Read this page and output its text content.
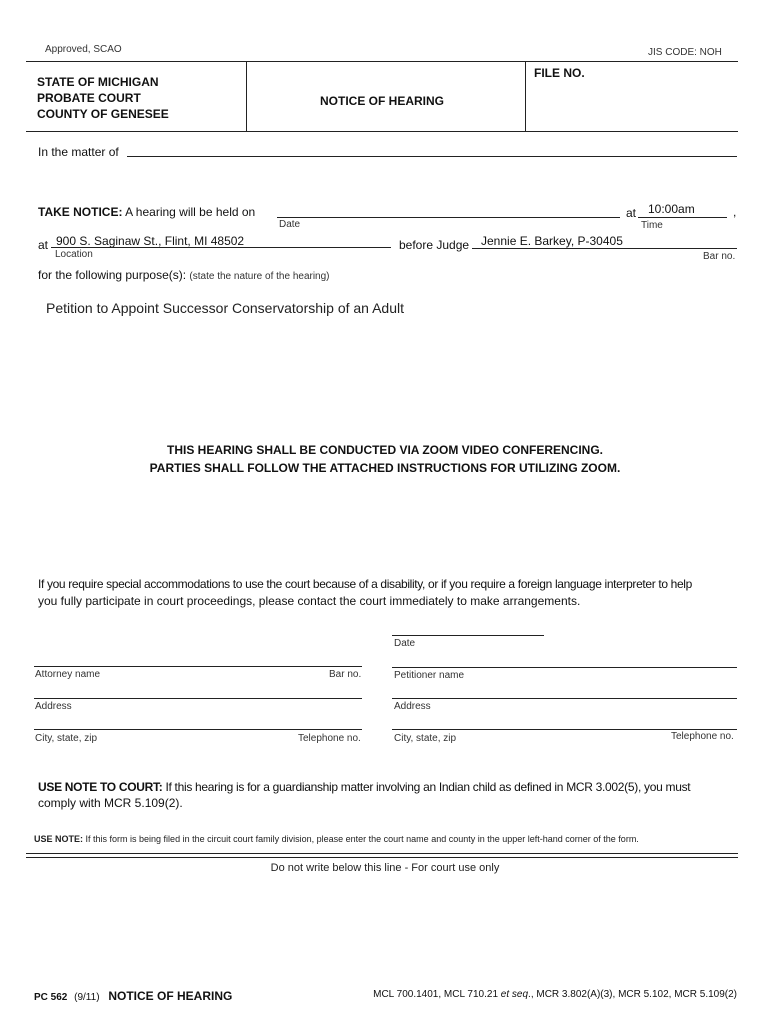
Approved, SCAO	JIS CODE: NOH
STATE OF MICHIGAN
PROBATE COURT
COUNTY OF GENESEE
NOTICE OF HEARING
FILE NO.
In the matter of
TAKE NOTICE: A hearing will be held on
Date
at 10:00am
Time
,
at 900 S. Saginaw St., Flint, MI 48502
Location
before Judge Jennie E. Barkey, P-30405
Bar no.
for the following purpose(s): (state the nature of the hearing)
Petition to Appoint Successor Conservatorship of an Adult
THIS HEARING SHALL BE CONDUCTED VIA ZOOM VIDEO CONFERENCING.
PARTIES SHALL FOLLOW THE ATTACHED INSTRUCTIONS FOR UTILIZING ZOOM.
If you require special accommodations to use the court because of a disability, or if you require a foreign language interpreter to help
you fully participate in court proceedings, please contact the court immediately to make arrangements.
Date
Attorney name	Bar no.	Petitioner name
Address	Address
City, state, zip	Telephone no.	City, state, zip	Telephone no.
USE NOTE TO COURT: If this hearing is for a guardianship matter involving an Indian child as defined in MCR 3.002(5), you must
comply with MCR 5.109(2).
USE NOTE: If this form is being filed in the circuit court family division, please enter the court name and county in the upper left-hand corner of the form.
Do not write below this line - For court use only
PC 562 (9/11) NOTICE OF HEARING	MCL 700.1401, MCL 710.21 et seq., MCR 3.802(A)(3), MCR 5.102, MCR 5.109(2)
